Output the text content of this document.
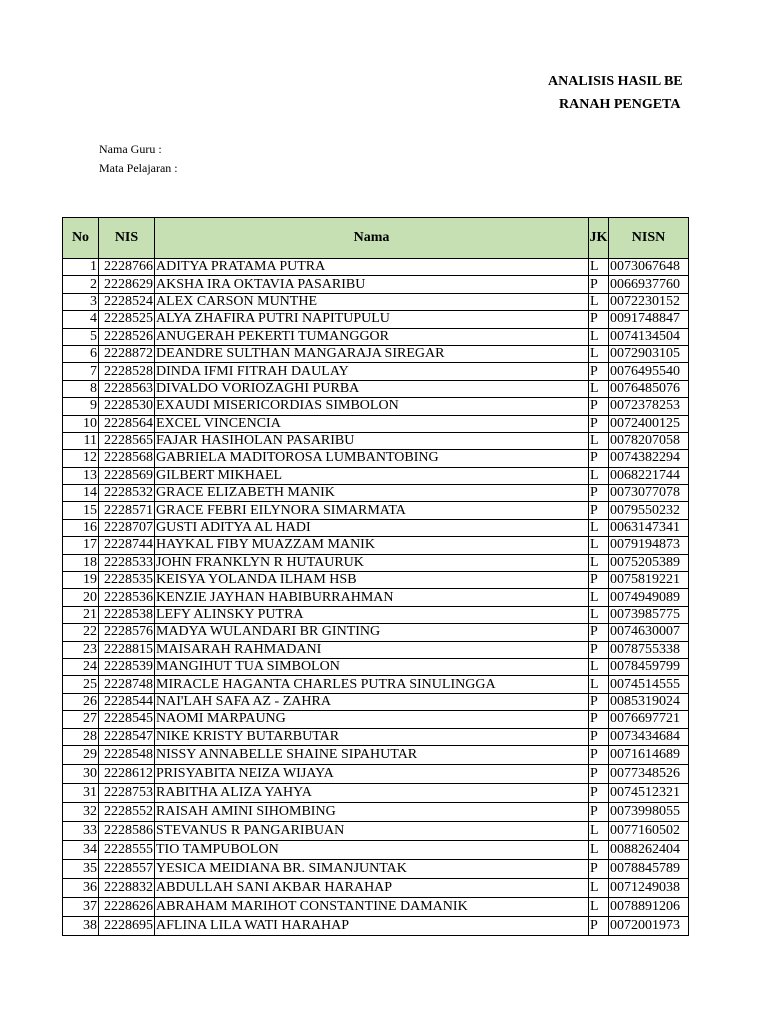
ANALISIS HASIL BE
RANAH PENGETA
Nama Guru :
Mata Pelajaran :
No	NIS	Nama	JK	NISN
1	2228766	ADITYA PRATAMA PUTRA	L	0073067648
2	2228629	AKSHA IRA OKTAVIA PASARIBU	P	0066937760
3	2228524	ALEX CARSON MUNTHE	L	0072230152
4	2228525	ALYA ZHAFIRA PUTRI NAPITUPULU	P	0091748847
5	2228526	ANUGERAH PEKERTI TUMANGGOR	L	0074134504
6	2228872	DEANDRE SULTHAN MANGARAJA SIREGAR	L	0072903105
7	2228528	DINDA IFMI FITRAH DAULAY	P	0076495540
8	2228563	DIVALDO VORIOZAGHI PURBA	L	0076485076
9	2228530	EXAUDI MISERICORDIAS SIMBOLON	P	0072378253
10	2228564	EXCEL VINCENCIA	P	0072400125
11	2228565	FAJAR HASIHOLAN PASARIBU	L	0078207058
12	2228568	GABRIELA MADITOROSA LUMBANTOBING	P	0074382294
13	2228569	GILBERT MIKHAEL	L	0068221744
14	2228532	GRACE ELIZABETH MANIK	P	0073077078
15	2228571	GRACE FEBRI EILYNORA SIMARMATA	P	0079550232
16	2228707	GUSTI ADITYA AL HADI	L	0063147341
17	2228744	HAYKAL FIBY MUAZZAM MANIK	L	0079194873
18	2228533	JOHN FRANKLYN R HUTAURUK	L	0075205389
19	2228535	KEISYA YOLANDA ILHAM HSB	P	0075819221
20	2228536	KENZIE JAYHAN HABIBURRAHMAN	L	0074949089
21	2228538	LEFY ALINSKY PUTRA	L	0073985775
22	2228576	MADYA WULANDARI BR GINTING	P	0074630007
23	2228815	MAISARAH RAHMADANI	P	0078755338
24	2228539	MANGIHUT TUA SIMBOLON	L	0078459799
25	2228748	MIRACLE HAGANTA CHARLES PUTRA SINULINGGA	L	0074514555
26	2228544	NAI'LAH SAFA AZ - ZAHRA	P	0085319024
27	2228545	NAOMI MARPAUNG	P	0076697721
28	2228547	NIKE KRISTY BUTARBUTAR	P	0073434684
29	2228548	NISSY ANNABELLE SHAINE SIPAHUTAR	P	0071614689
30	2228612	PRISYABITA NEIZA WIJAYA	P	0077348526
31	2228753	RABITHA ALIZA YAHYA	P	0074512321
32	2228552	RAISAH AMINI SIHOMBING	P	0073998055
33	2228586	STEVANUS R PANGARIBUAN	L	0077160502
34	2228555	TIO TAMPUBOLON	L	0088262404
35	2228557	YESICA MEIDIANA BR. SIMANJUNTAK	P	0078845789
36	2228832	ABDULLAH SANI AKBAR HARAHAP	L	0071249038
37	2228626	ABRAHAM MARIHOT CONSTANTINE DAMANIK	L	0078891206
38	2228695	AFLINA LILA WATI HARAHAP	P	0072001973
